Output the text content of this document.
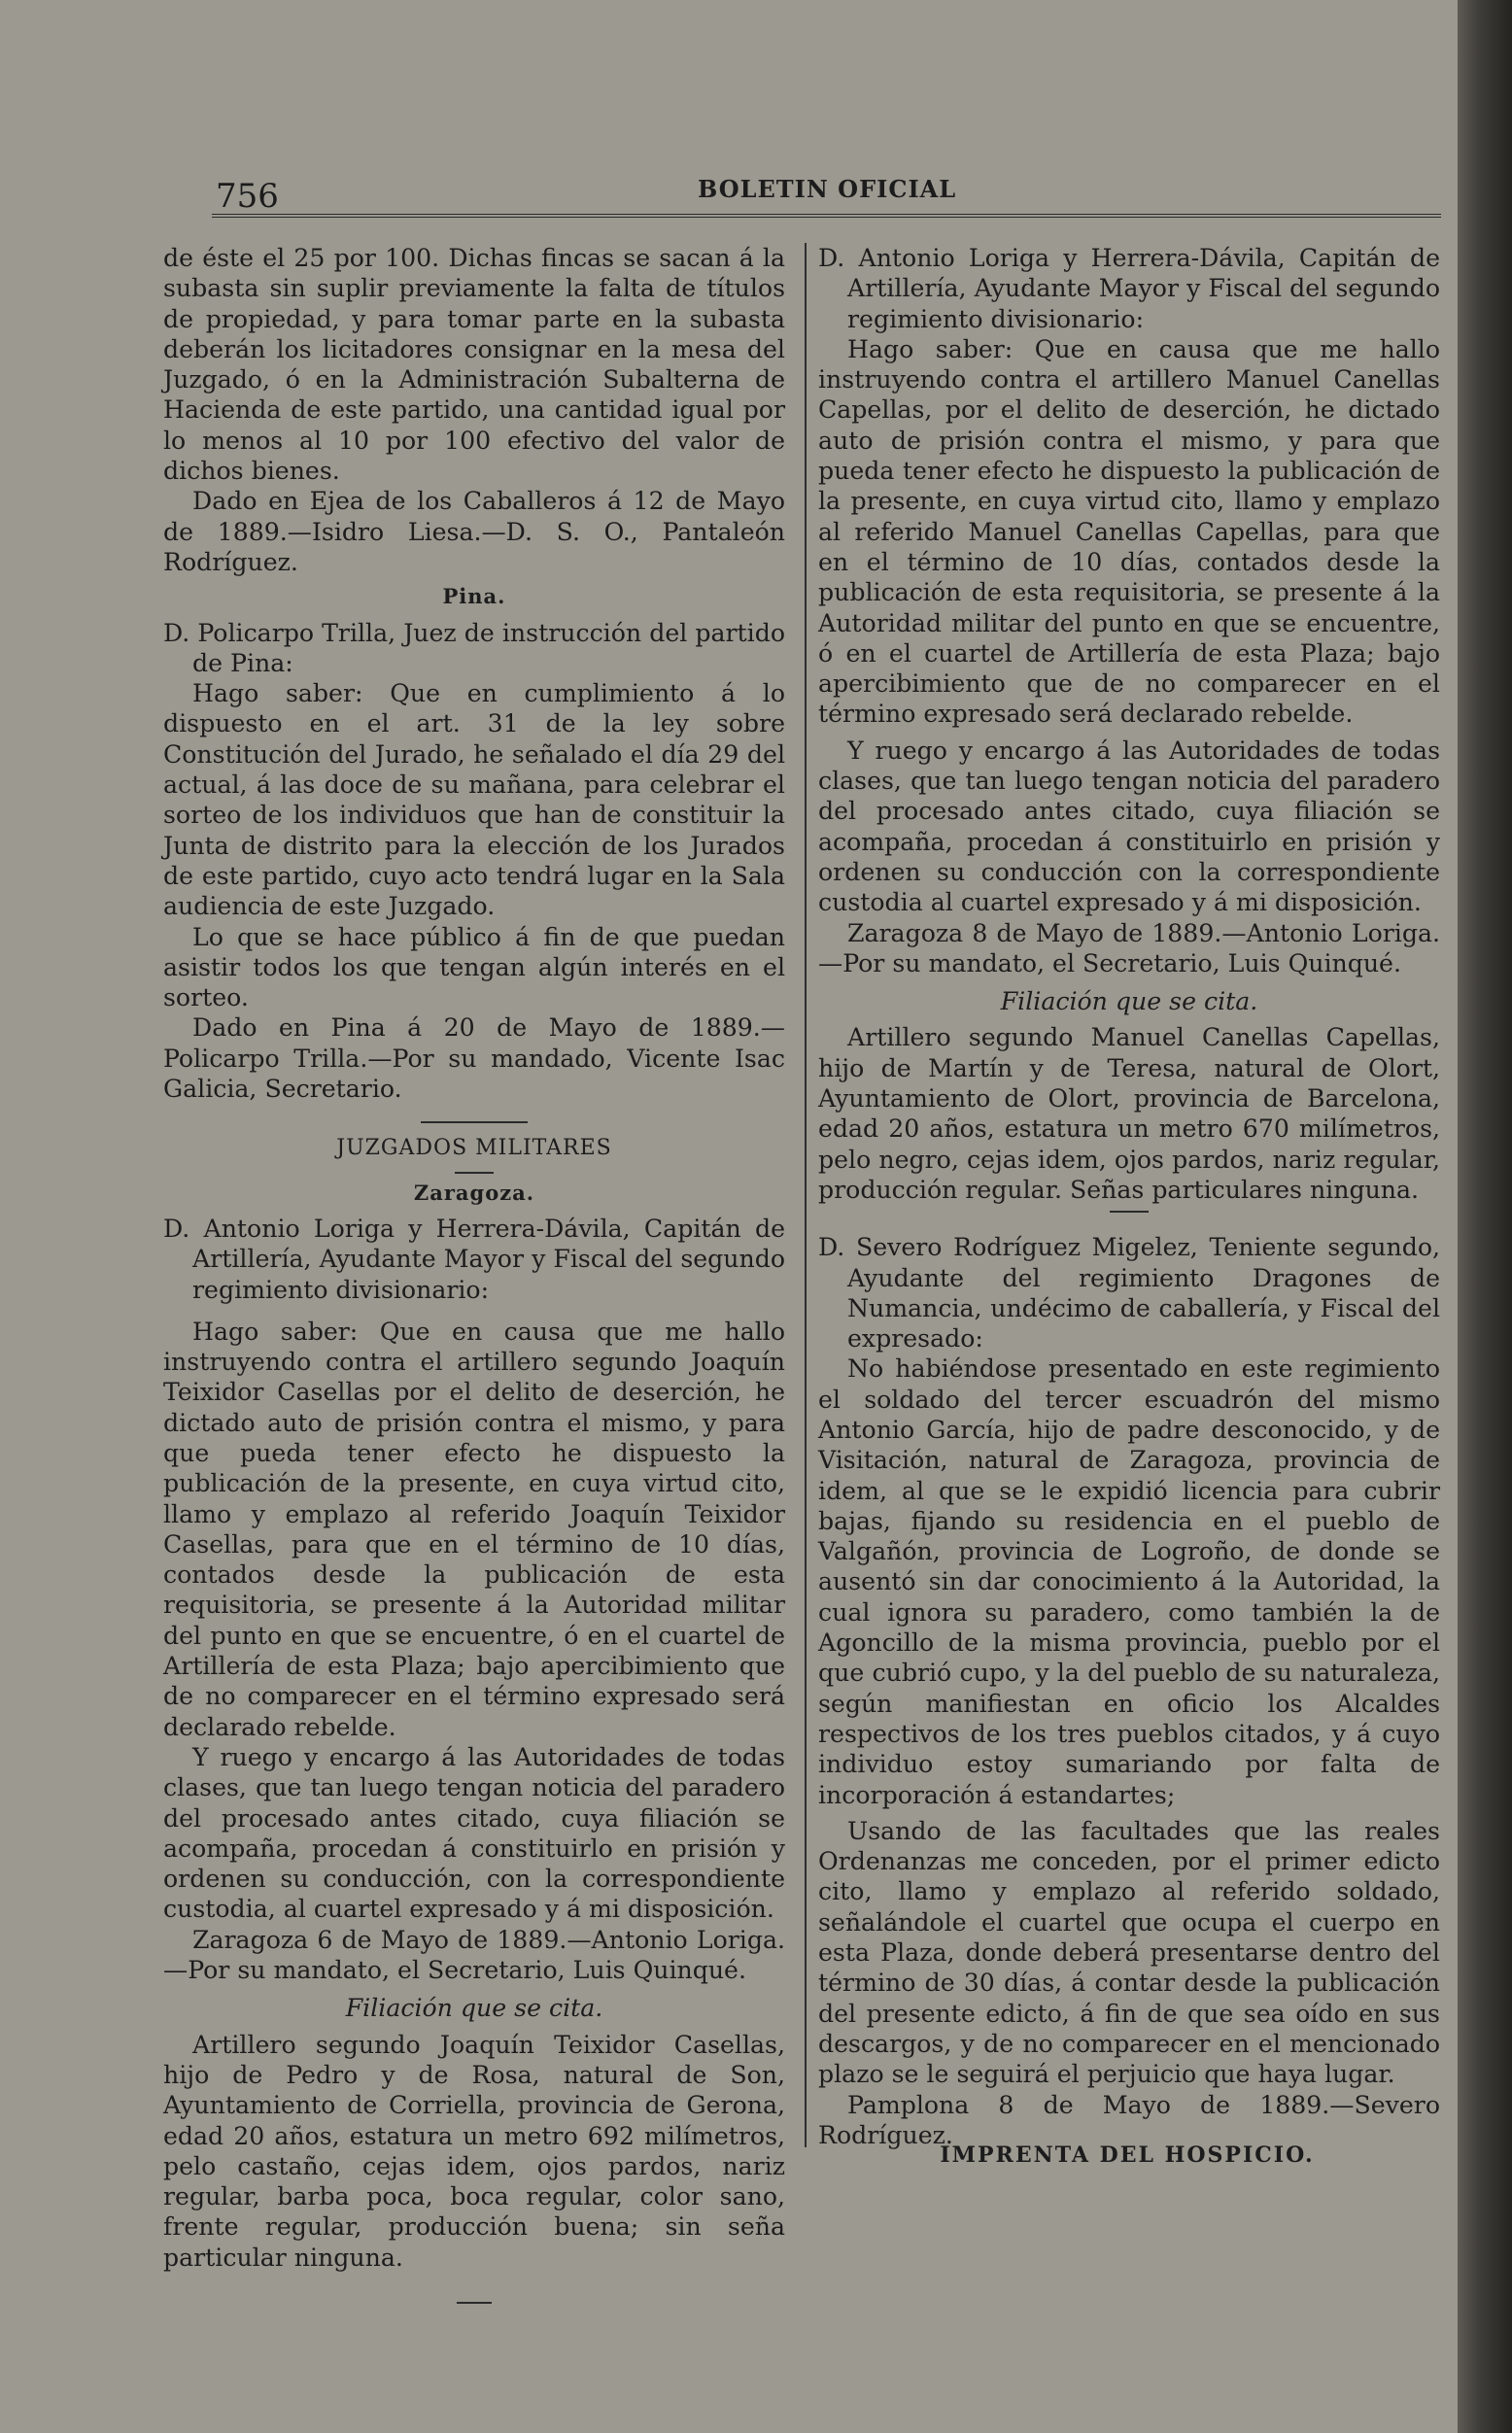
756	BOLETIN OFICIAL

de éste el 25 por 100. Dichas fincas se sacan á la subasta sin suplir previamente la falta de títulos de propiedad, y para tomar parte en la subasta deberán los licitadores consignar en la mesa del Juzgado, ó en la Administración Subalterna de Hacienda de este partido, una cantidad igual por lo menos al 10 por 100 efectivo del valor de dichos bienes.

Dado en Ejea de los Caballeros á 12 de Mayo de 1889.—Isidro Liesa.—D. S. O., Pantaleón Rodríguez.

Pina.

D. Policarpo Trilla, Juez de instrucción del partido de Pina:

Hago saber: Que en cumplimiento á lo dispuesto en el art. 31 de la ley sobre Constitución del Jurado, he señalado el día 29 del actual, á las doce de su mañana, para celebrar el sorteo de los individuos que han de constituir la Junta de distrito para la elección de los Jurados de este partido, cuyo acto tendrá lugar en la Sala audiencia de este Juzgado.

Lo que se hace público á fin de que puedan asistir todos los que tengan algún interés en el sorteo.

Dado en Pina á 20 de Mayo de 1889.—Policarpo Trilla.—Por su mandado, Vicente Isac Galicia, Secretario.

JUZGADOS MILITARES

Zaragoza.

D. Antonio Loriga y Herrera-Dávila, Capitán de Artillería, Ayudante Mayor y Fiscal del segundo regimiento divisionario:

Hago saber: Que en causa que me hallo instruyendo contra el artillero segundo Joaquín Teixidor Casellas por el delito de deserción, he dictado auto de prisión contra el mismo, y para que pueda tener efecto he dispuesto la publicación de la presente, en cuya virtud cito, llamo y emplazo al referido Joaquín Teixidor Casellas, para que en el término de 10 días, contados desde la publicación de esta requisitoria, se presente á la Autoridad militar del punto en que se encuentre, ó en el cuartel de Artillería de esta Plaza; bajo apercibimiento que de no comparecer en el término expresado será declarado rebelde.

Y ruego y encargo á las Autoridades de todas clases, que tan luego tengan noticia del paradero del procesado antes citado, cuya filiación se acompaña, procedan á constituirlo en prisión y ordenen su conducción, con la correspondiente custodia, al cuartel expresado y á mi disposición.

Zaragoza 6 de Mayo de 1889.—Antonio Loriga. —Por su mandato, el Secretario, Luis Quinqué.

Filiación que se cita.

Artillero segundo Joaquín Teixidor Casellas, hijo de Pedro y de Rosa, natural de Son, Ayuntamiento de Corriella, provincia de Gerona, edad 20 años, estatura un metro 692 milímetros, pelo castaño, cejas idem, ojos pardos, nariz regular, barba poca, boca regular, color sano, frente regular, producción buena; sin seña particular ninguna.

D. Antonio Loriga y Herrera-Dávila, Capitán de Artillería, Ayudante Mayor y Fiscal del segundo regimiento divisionario:

Hago saber: Que en causa que me hallo instruyendo contra el artillero Manuel Canellas Capellas, por el delito de deserción, he dictado auto de prisión contra el mismo, y para que pueda tener efecto he dispuesto la publicación de la presente, en cuya virtud cito, llamo y emplazo al referido Manuel Canellas Capellas, para que en el término de 10 días, contados desde la publicación de esta requisitoria, se presente á la Autoridad militar del punto en que se encuentre, ó en el cuartel de Artillería de esta Plaza; bajo apercibimiento que de no comparecer en el término expresado será declarado rebelde.

Y ruego y encargo á las Autoridades de todas clases, que tan luego tengan noticia del paradero del procesado antes citado, cuya filiación se acompaña, procedan á constituirlo en prisión y ordenen su conducción con la correspondiente custodia al cuartel expresado y á mi disposición.

Zaragoza 8 de Mayo de 1889.—Antonio Loriga. —Por su mandato, el Secretario, Luis Quinqué.

Filiación que se cita.

Artillero segundo Manuel Canellas Capellas, hijo de Martín y de Teresa, natural de Olort, Ayuntamiento de Olort, provincia de Barcelona, edad 20 años, estatura un metro 670 milímetros, pelo negro, cejas idem, ojos pardos, nariz regular, producción regular. Señas particulares ninguna.

D. Severo Rodríguez Migelez, Teniente segundo, Ayudante del regimiento Dragones de Numancia, undécimo de caballería, y Fiscal del expresado:

No habiéndose presentado en este regimiento el soldado del tercer escuadrón del mismo Antonio García, hijo de padre desconocido, y de Visitación, natural de Zaragoza, provincia de idem, al que se le expidió licencia para cubrir bajas, fijando su residencia en el pueblo de Valgañón, provincia de Logroño, de donde se ausentó sin dar conocimiento á la Autoridad, la cual ignora su paradero, como también la de Agoncillo de la misma provincia, pueblo por el que cubrió cupo, y la del pueblo de su naturaleza, según manifiestan en oficio los Alcaldes respectivos de los tres pueblos citados, y á cuyo individuo estoy sumariando por falta de incorporación á estandartes;

Usando de las facultades que las reales Ordenanzas me conceden, por el primer edicto cito, llamo y emplazo al referido soldado, señalándole el cuartel que ocupa el cuerpo en esta Plaza, donde deberá presentarse dentro del término de 30 días, á contar desde la publicación del presente edicto, á fin de que sea oído en sus descargos, y de no comparecer en el mencionado plazo se le seguirá el perjuicio que haya lugar.

Pamplona 8 de Mayo de 1889.—Severo Rodríguez.

IMPRENTA DEL HOSPICIO.
